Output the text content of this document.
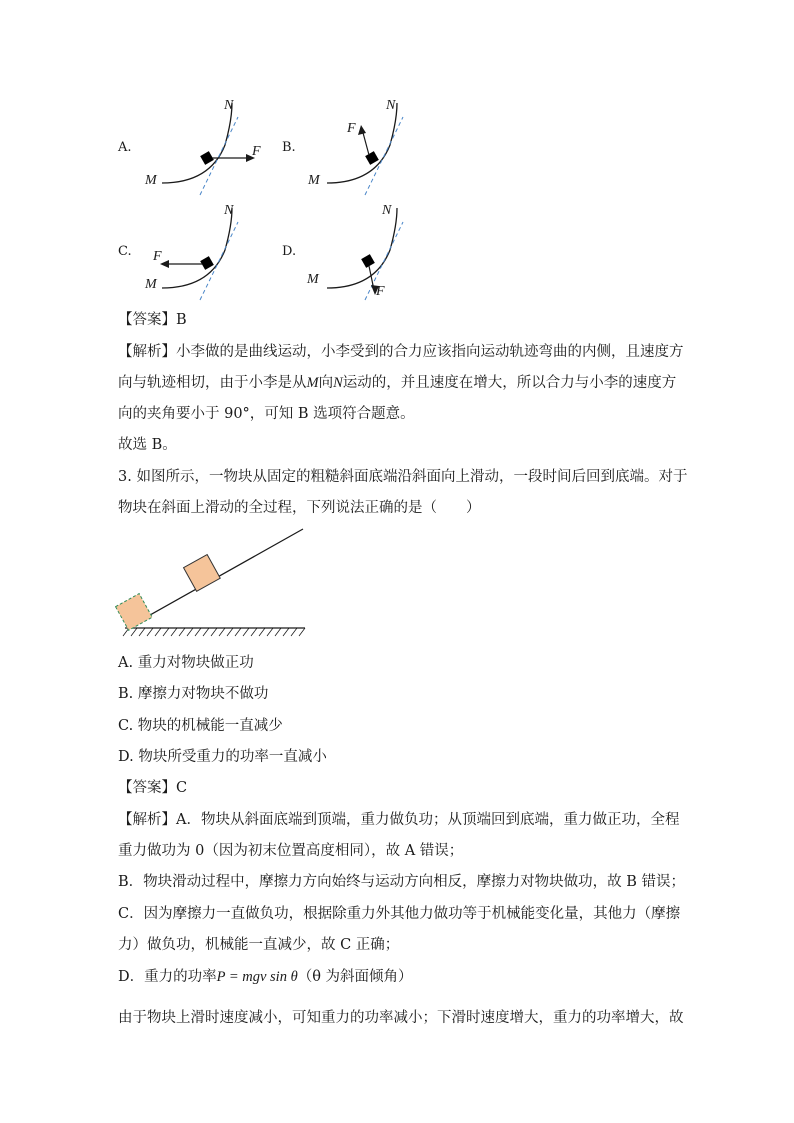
A.
M
N
F B.
M
N
F
C.
M
N
F	D.
M
N
F
【答案】B
【解析】小李做的是曲线运动，小李受到的合力应该指向运动轨迹弯曲的内侧，且速度方
向与轨迹相切，由于小李是从M向N运动的，并且速度在增大，所以合力与小李的速度方
向的夹角要小于 90°，可知 B 选项符合题意。
故选 B。
3. 如图所示，一物块从固定的粗糙斜面底端沿斜面向上滑动，一段时间后回到底端。对于
物块在斜面上滑动的全过程，下列说法正确的是（　　）
A. 重力对物块做正功
B. 摩擦力对物块不做功
C. 物块的机械能一直减少
D. 物块所受重力的功率一直减小
【答案】C
【解析】A．物块从斜面底端到顶端，重力做负功；从顶端回到底端，重力做正功，全程
重力做功为 0（因为初末位置高度相同），故 A 错误；
B．物块滑动过程中，摩擦力方向始终与运动方向相反，摩擦力对物块做功，故 B 错误；
C．因为摩擦力一直做负功，根据除重力外其他力做功等于机械能变化量，其他力（摩擦
力）做负功，机械能一直减少，故 C 正确；
D．重力的功率P = mgv sin θ（θ 为斜面倾角）
由于物块上滑时速度减小，可知重力的功率减小；下滑时速度增大，重力的功率增大，故
